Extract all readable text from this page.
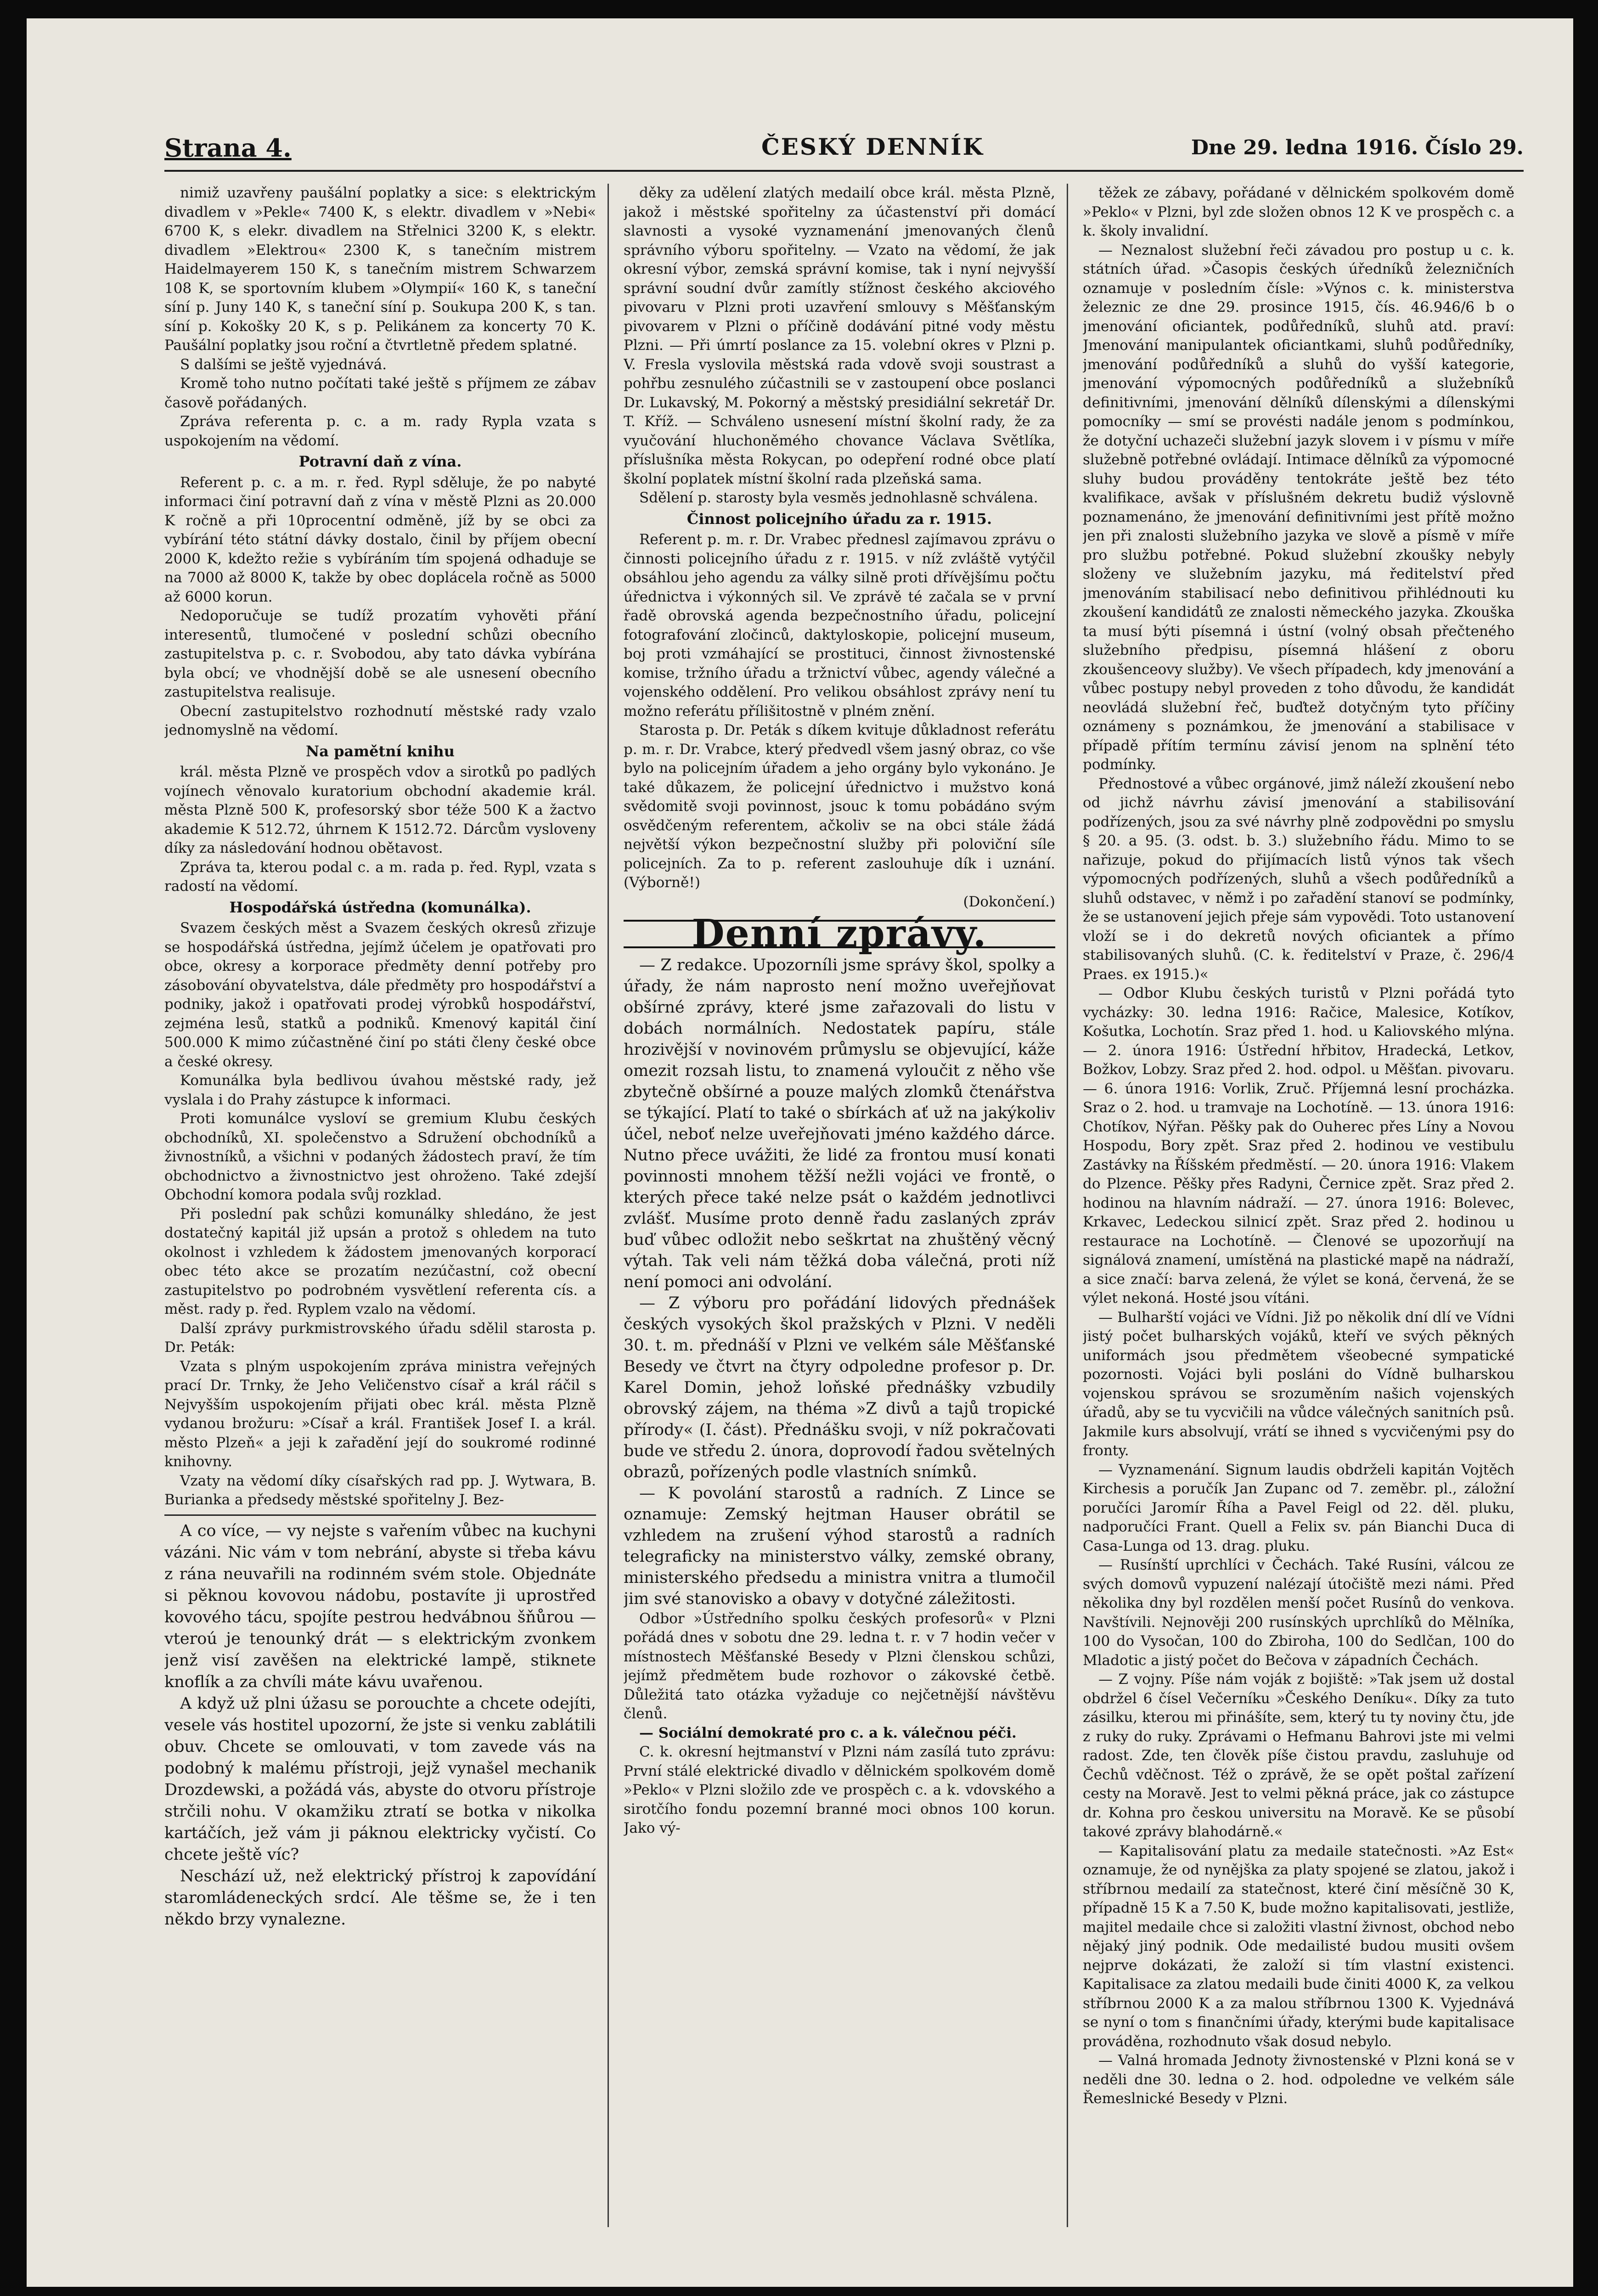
Strana 4.	ČESKÝ DENNÍK	Dne 29. ledna 1916. Číslo 29.

nimiž uzavřeny paušální poplatky a sice: s elektrickým divadlem v »Pekle« 7400 K, s elektr. divadlem v »Nebi« 6700 K, s elekr. divadlem na Střelnici 3200 K, s elektr. divadlem »Elektrou« 2300 K, s tanečním mistrem Haidelmayerem 150 K, s tanečním mistrem Schwarzem 108 K, se sportovním klubem »Olympií« 160 K, s taneční síní p. Juny 140 K, s taneční síní p. Soukupa 200 K, s tan. síní p. Kokošky 20 K, s p. Pelikánem za koncerty 70 K. Paušální poplatky jsou roční a čtvrtletně předem splatné.

S dalšími se ještě vyjednává.

Kromě toho nutno počítati také ještě s příjmem ze zábav časově pořádaných.

Zpráva referenta p. c. a m. rady Rypla vzata s uspokojením na vědomí.

Potravní daň z vína.

Referent p. c. a m. r. řed. Rypl sděluje, že po nabyté informaci činí potravní daň z vína v městě Plzni as 20.000 K ročně a při 10procentní odměně, jíž by se obci za vybírání této státní dávky dostalo, činil by příjem obecní 2000 K, kdežto režie s vybíráním tím spojená odhaduje se na 7000 až 8000 K, takže by obec doplácela ročně as 5000 až 6000 korun.

Nedoporučuje se tudíž prozatím vyhověti přání interesentů, tlumočené v poslední schůzi obecního zastupitelstva p. c. r. Svobodou, aby tato dávka vybírána byla obcí; ve vhodnější době se ale usnesení obecního zastupitelstva realisuje.

Obecní zastupitelstvo rozhodnutí městské rady vzalo jednomyslně na vědomí.

Na pamětní knihu

král. města Plzně ve prospěch vdov a sirotků po padlých vojínech věnovalo kuratorium obchodní akademie král. města Plzně 500 K, profesorský sbor téže 500 K a žactvo akademie K 512.72, úhrnem K 1512.72. Dárcům vysloveny díky za následování hodnou obětavost.

Zpráva ta, kterou podal c. a m. rada p. řed. Rypl, vzata s radostí na vědomí.

Hospodářská ústředna (komunálka).

Svazem českých měst a Svazem českých okresů zřizuje se hospodářská ústředna, jejímž účelem je opatřovati pro obce, okresy a korporace předměty denní potřeby pro zásobování obyvatelstva, dále předměty pro hospodářství a podniky, jakož i opatřovati prodej výrobků hospodářství, zejména lesů, statků a podniků. Kmenový kapitál činí 500.000 K mimo zúčastněné činí po státi členy české obce a české okresy.

Komunálka byla bedlivou úvahou městské rady, jež vyslala i do Prahy zástupce k informaci.

Proti komunálce vysloví se gremium Klubu českých obchodníků, XI. společenstvo a Sdružení obchodníků a živnostníků, a všichni v podaných žádostech praví, že tím obchodnictvo a živnostnictvo jest ohroženo. Také zdejší Obchodní komora podala svůj rozklad.

Při poslední pak schůzi komunálky shledáno, že jest dostatečný kapitál již upsán a protož s ohledem na tuto okolnost i vzhledem k žádostem jmenovaných korporací obec této akce se prozatím nezúčastní, což obecní zastupitelstvo po podrobném vysvětlení referenta cís. a měst. rady p. řed. Ryplem vzalo na vědomí.

Další zprávy purkmistrovského úřadu sdělil starosta p. Dr. Peták:

Vzata s plným uspokojením zpráva ministra veřejných prací Dr. Trnky, že Jeho Veličenstvo císař a král ráčil s Nejvyšším uspokojením přijati obec král. města Plzně vydanou brožuru: »Císař a král. František Josef I. a král. město Plzeň« a jeji k zařadění její do soukromé rodinné knihovny.

Vzaty na vědomí díky císařských rad pp. J. Wytwara, B. Burianka a předsedy městské spořitelny J. Bez-

A co více, — vy nejste s vařením vůbec na kuchyni vázáni. Nic vám v tom nebrání, abyste si třeba kávu z rána neuvařili na rodinném svém stole. Objednáte si pěknou kovovou nádobu, postavíte ji uprostřed kovového tácu, spojíte pestrou hedvábnou šňůrou — vteroú je tenounký drát — s elektrickým zvonkem jenž visí zavěšen na elektrické lampě, stiknete knoflík a za chvíli máte kávu uvařenou.

A když už plni úžasu se porouchte a chcete odejíti, vesele vás hostitel upozorní, že jste si venku zablátili obuv. Chcete se omlouvati, v tom zavede vás na podobný k malému přístroji, jejž vynašel mechanik Drozdewski, a požádá vás, abyste do otvoru přístroje strčili nohu. V okamžiku ztratí se botka v nikolka kartáčích, jež vám ji páknou elektricky vyčistí. Co chcete ještě víc?

Neschází už, než elektrický přístroj k zapovídání staromládeneckých srdcí. Ale těšme se, že i ten někdo brzy vynalezne.

děky za udělení zlatých medailí obce král. města Plzně, jakož i městské spořitelny za účastenství při domácí slavnosti a vysoké vyznamenání jmenovaných členů správního výboru spořitelny. — Vzato na vědomí, že jak okresní výbor, zemská správní komise, tak i nyní nejvyšší správní soudní dvůr zamítly stížnost českého akciového pivovaru v Plzni proti uzavření smlouvy s Měšťanským pivovarem v Plzni o příčině dodávání pitné vody městu Plzni. — Při úmrtí poslance za 15. volební okres v Plzni p. V. Fresla vyslovila městská rada vdově svoji soustrast a pohřbu zesnulého zúčastnili se v zastoupení obce poslanci Dr. Lukavský, M. Pokorný a městský presidiální sekretář Dr. T. Kříž. — Schváleno usnesení místní školní rady, že za vyučování hluchoněmého chovance Václava Světlíka, příslušníka města Rokycan, po odepření rodné obce platí školní poplatek místní školní rada plzeňská sama.

Sdělení p. starosty byla vesměs jednohlasně schválena.

Činnost policejního úřadu za r. 1915.

Referent p. m. r. Dr. Vrabec přednesl zajímavou zprávu o činnosti policejního úřadu z r. 1915. v níž zvláště vytýčil obsáhlou jeho agendu za války silně proti dřívějšímu počtu úřednictva i výkonných sil. Ve zprávě té začala se v první řadě obrovská agenda bezpečnostního úřadu, policejní fotografování zločinců, daktyloskopie, policejní museum, boj proti vzmáhající se prostituci, činnost živnostenské komise, tržního úřadu a tržnictví vůbec, agendy válečné a vojenského oddělení. Pro velikou obsáhlost zprávy není tu možno referátu přílišitostně v plném znění.

Starosta p. Dr. Peták s díkem kvituje důkladnost referátu p. m. r. Dr. Vrabce, který předvedl všem jasný obraz, co vše bylo na policejním úřadem a jeho orgány bylo vykonáno. Je také důkazem, že policejní úřednictvo i mužstvo koná svědomitě svoji povinnost, jsouc k tomu pobádáno svým osvědčeným referentem, ačkoliv se na obci stále žádá největší výkon bezpečnostní služby při poloviční síle policejních. Za to p. referent zaslouhuje dík i uznání. (Výborně!)

(Dokončení.)

Denní zprávy.

— Z redakce. Upozorníli jsme správy škol, spolky a úřady, že nám naprosto není možno uveřejňovat obšírné zprávy, které jsme zařazovali do listu v dobách normálních. Nedostatek papíru, stále hrozivější v novinovém průmyslu se objevující, káže omezit rozsah listu, to znamená vyloučit z něho vše zbytečně obšírné a pouze malých zlomků čtenářstva se týkající. Platí to také o sbírkách ať už na jakýkoliv účel, neboť nelze uveřejňovati jméno každého dárce. Nutno přece uvážiti, že lidé za frontou musí konati povinnosti mnohem těžší nežli vojáci ve frontě, o kterých přece také nelze psát o každém jednotlivci zvlášť. Musíme proto denně řadu zaslaných zpráv buď vůbec odložit nebo seškrtat na zhuštěný věcný výtah. Tak veli nám těžká doba válečná, proti níž není pomoci ani odvolání.

— Z výboru pro pořádání lidových přednášek českých vysokých škol pražských v Plzni. V neděli 30. t. m. přednáší v Plzni ve velkém sále Měšťanské Besedy ve čtvrt na čtyry odpoledne profesor p. Dr. Karel Domin, jehož loňské přednášky vzbudily obrovský zájem, na théma »Z divů a tajů tropické přírody« (I. část). Přednášku svoji, v níž pokračovati bude ve středu 2. února, doprovodí řadou světelných obrazů, pořízených podle vlastních snímků.

— K povolání starostů a radních. Z Lince se oznamuje: Zemský hejtman Hauser obrátil se vzhledem na zrušení výhod starostů a radních telegraficky na ministerstvo války, zemské obrany, ministerského předsedu a ministra vnitra a tlumočil jim své stanovisko a obavy v dotyčné záležitosti.

Odbor »Ústředního spolku českých profesorů« v Plzni pořádá dnes v sobotu dne 29. ledna t. r. v 7 hodin večer v místnostech Měšťanské Besedy v Plzni členskou schůzi, jejímž předmětem bude rozhovor o zákovské četbě. Důležitá tato otázka vyžaduje co nejčetnější návštěvu členů.

— Sociální demokraté pro c. a k. válečnou péči.

C. k. okresní hejtmanství v Plzni nám zasílá tuto zprávu: První stálé elektrické divadlo v dělnickém spolkovém domě »Peklo« v Plzni složilo zde ve prospěch c. a k. vdovského a sirotčího fondu pozemní branné moci obnos 100 korun. Jako vý-

těžek ze zábavy, pořádané v dělnickém spolkovém domě »Peklo« v Plzni, byl zde složen obnos 12 K ve prospěch c. a k. školy invalidní.

— Neznalost služební řeči závadou pro postup u c. k. státních úřad. »Časopis českých úředníků železničních oznamuje v posledním čísle: »Výnos c. k. ministerstva železnic ze dne 29. prosince 1915, čís. 46.946/6 b o jmenování oficiantek, podůředníků, sluhů atd. praví: Jmenování manipulantek oficiantkami, sluhů podůředníky, jmenování podůředníků a sluhů do vyšší kategorie, jmenování výpomocných podůředníků a služebníků definitivními, jmenování dělníků dílenskými a dílenskými pomocníky — smí se provésti nadále jenom s podmínkou, že dotyční uchazeči služební jazyk slovem i v písmu v míře služebně potřebné ovládají. Intimace dělníků za výpomocné sluhy budou prováděny tentokráte ještě bez této kvalifikace, avšak v příslušném dekretu budiž výslovně poznamenáno, že jmenování definitivními jest přítě možno jen při znalosti služebního jazyka ve slově a písmě v míře pro službu potřebné. Pokud služební zkoušky nebyly složeny ve služebním jazyku, má ředitelství před jmenováním stabilisací nebo definitivou přihlédnouti ku zkoušení kandidátů ze znalosti německého jazyka. Zkouška ta musí býti písemná i ústní (volný obsah přečteného služebního předpisu, písemná hlášení z oboru zkoušenceovy služby). Ve všech případech, kdy jmenování a vůbec postupy nebyl proveden z toho důvodu, že kandidát neovládá služební řeč, buďtež dotyčným tyto příčiny oznámeny s poznámkou, že jmenování a stabilisace v případě přítím termínu závisí jenom na splnění této podmínky.

Přednostové a vůbec orgánové, jimž náleží zkoušení nebo od jichž návrhu závisí jmenování a stabilisování podřízených, jsou za své návrhy plně zodpovědni po smyslu § 20. a 95. (3. odst. b. 3.) služebního řádu. Mimo to se nařizuje, pokud do přijímacích listů výnos tak všech výpomocných podřízených, sluhů a všech podůředníků a sluhů odstavec, v němž i po zařadění stanoví se podmínky, že se ustanovení jejich přeje sám vypovědi. Toto ustanovení vloží se i do dekretů nových oficiantek a přímo stabilisovaných sluhů. (C. k. ředitelství v Praze, č. 296/4 Praes. ex 1915.)«

— Odbor Klubu českých turistů v Plzni pořádá tyto vycházky: 30. ledna 1916: Račice, Malesice, Kotíkov, Košutka, Lochotín. Sraz před 1. hod. u Kaliovského mlýna. — 2. února 1916: Ústřední hřbitov, Hradecká, Letkov, Božkov, Lobzy. Sraz před 2. hod. odpol. u Měšťan. pivovaru. — 6. února 1916: Vorlik, Zruč. Příjemná lesní procházka. Sraz o 2. hod. u tramvaje na Lochotíně. — 13. února 1916: Chotíkov, Nýřan. Pěšky pak do Ouherec přes Líny a Novou Hospodu, Bory zpět. Sraz před 2. hodinou ve vestibulu Zastávky na Říšském předměstí. — 20. února 1916: Vlakem do Plzence. Pěšky přes Radyni, Černice zpět. Sraz před 2. hodinou na hlavním nádraží. — 27. února 1916: Bolevec, Krkavec, Ledeckou silnicí zpět. Sraz před 2. hodinou u restaurace na Lochotíně. — Členové se upozorňují na signálová znamení, umístěná na plastické mapě na nádraží, a sice značí: barva zelená, že výlet se koná, červená, že se výlet nekoná. Hosté jsou vítáni.

— Bulharští vojáci ve Vídni. Již po několik dní dlí ve Vídni jistý počet bulharských vojáků, kteří ve svých pěkných uniformách jsou předmětem všeobecné sympatické pozornosti. Vojáci byli posláni do Vídně bulharskou vojenskou správou se srozuměním našich vojenských úřadů, aby se tu vycvičili na vůdce válečných sanitních psů. Jakmile kurs absolvují, vrátí se ihned s vycvičenými psy do fronty.

— Vyznamenání. Signum laudis obdrželi kapitán Vojtěch Kirchesis a poručík Jan Zupanc od 7. zeměbr. pl., záložní poručíci Jaromír Říha a Pavel Feigl od 22. děl. pluku, nadporučíci Frant. Quell a Felix sv. pán Bianchi Duca di Casa-Lunga od 13. drag. pluku.

— Rusínští uprchlíci v Čechách. Také Rusíni, válcou ze svých domovů vypuzení nalézají útočiště mezi námi. Před několika dny byl rozdělen menší počet Rusínů do venkova. Navštívili. Nejnověji 200 rusínských uprchlíků do Mělníka, 100 do Vysočan, 100 do Zbiroha, 100 do Sedlčan, 100 do Mladotic a jistý počet do Bečova v západních Čechách.

— Z vojny. Píše nám voják z bojiště: »Tak jsem už dostal obdržel 6 čísel Večerníku »Českého Deníku«. Díky za tuto zásilku, kterou mi přinášíte, sem, který tu ty noviny čtu, jde z ruky do ruky. Zprávami o Hefmanu Bahrovi jste mi velmi radost. Zde, ten člověk píše čistou pravdu, zasluhuje od Čechů vděčnost. Též o zprávě, že se opět poštal zařízení cesty na Moravě. Jest to velmi pěkná práce, jak co zástupce dr. Kohna pro českou universitu na Moravě. Ke se působí takové zprávy blahodárně.«

— Kapitalisování platu za medaile statečnosti. »Az Est« oznamuje, že od nynějška za platy spojené se zlatou, jakož i stříbrnou medailí za statečnost, které činí měsíčně 30 K, případně 15 K a 7.50 K, bude možno kapitalisovati, jestliže, majitel medaile chce si založiti vlastní živnost, obchod nebo nějaký jiný podnik. Ode medailisté budou musiti ovšem nejprve dokázati, že založí si tím vlastní existenci. Kapitalisace za zlatou medaili bude činiti 4000 K, za velkou stříbrnou 2000 K a za malou stříbrnou 1300 K. Vyjednává se nyní o tom s finančními úřady, kterými bude kapitalisace prováděna, rozhodnuto však dosud nebylo.

— Valná hromada Jednoty živnostenské v Plzni koná se v neděli dne 30. ledna o 2. hod. odpoledne ve velkém sále Řemeslnické Besedy v Plzni.
